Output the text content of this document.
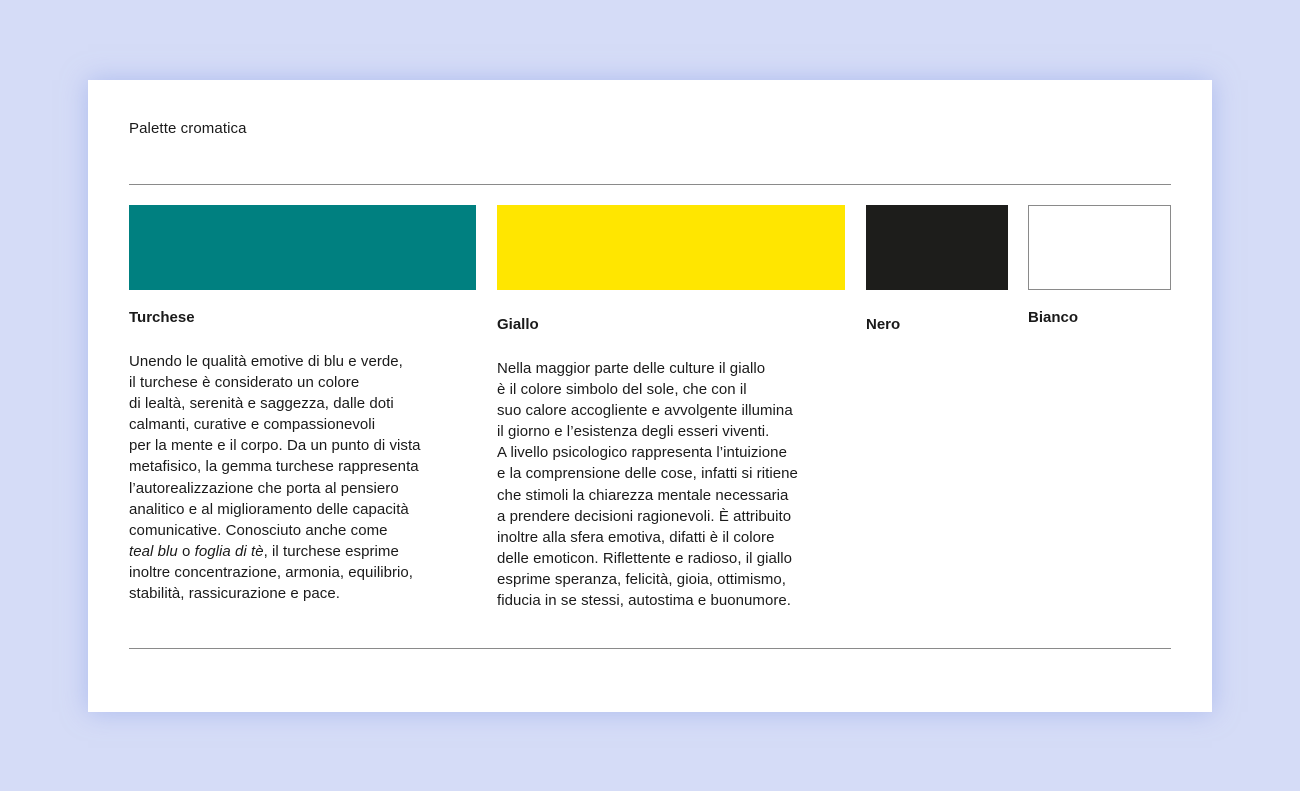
Palette cromatica
Turchese
Unendo le qualità emotive di blu e verde,
il turchese è considerato un colore
di lealtà, serenità e saggezza, dalle doti
calmanti, curative e compassionevoli
per la mente e il corpo. Da un punto di vista
metafisico, la gemma turchese rappresenta
l’autorealizzazione che porta al pensiero
analitico e al miglioramento delle capacità
comunicative. Conosciuto anche come
teal blu o foglia di tè, il turchese esprime
inoltre concentrazione, armonia, equilibrio,
stabilità, rassicurazione e pace.
Giallo
Nella maggior parte delle culture il giallo
è il colore simbolo del sole, che con il
suo calore accogliente e avvolgente illumina
il giorno e l’esistenza degli esseri viventi.
A livello psicologico rappresenta l’intuizione
e la comprensione delle cose, infatti si ritiene
che stimoli la chiarezza mentale necessaria
a prendere decisioni ragionevoli. È attribuito
inoltre alla sfera emotiva, difatti è il colore
delle emoticon. Riflettente e radioso, il giallo
esprime speranza, felicità, gioia, ottimismo,
fiducia in se stessi, autostima e buonumore.
Nero	Bianco
